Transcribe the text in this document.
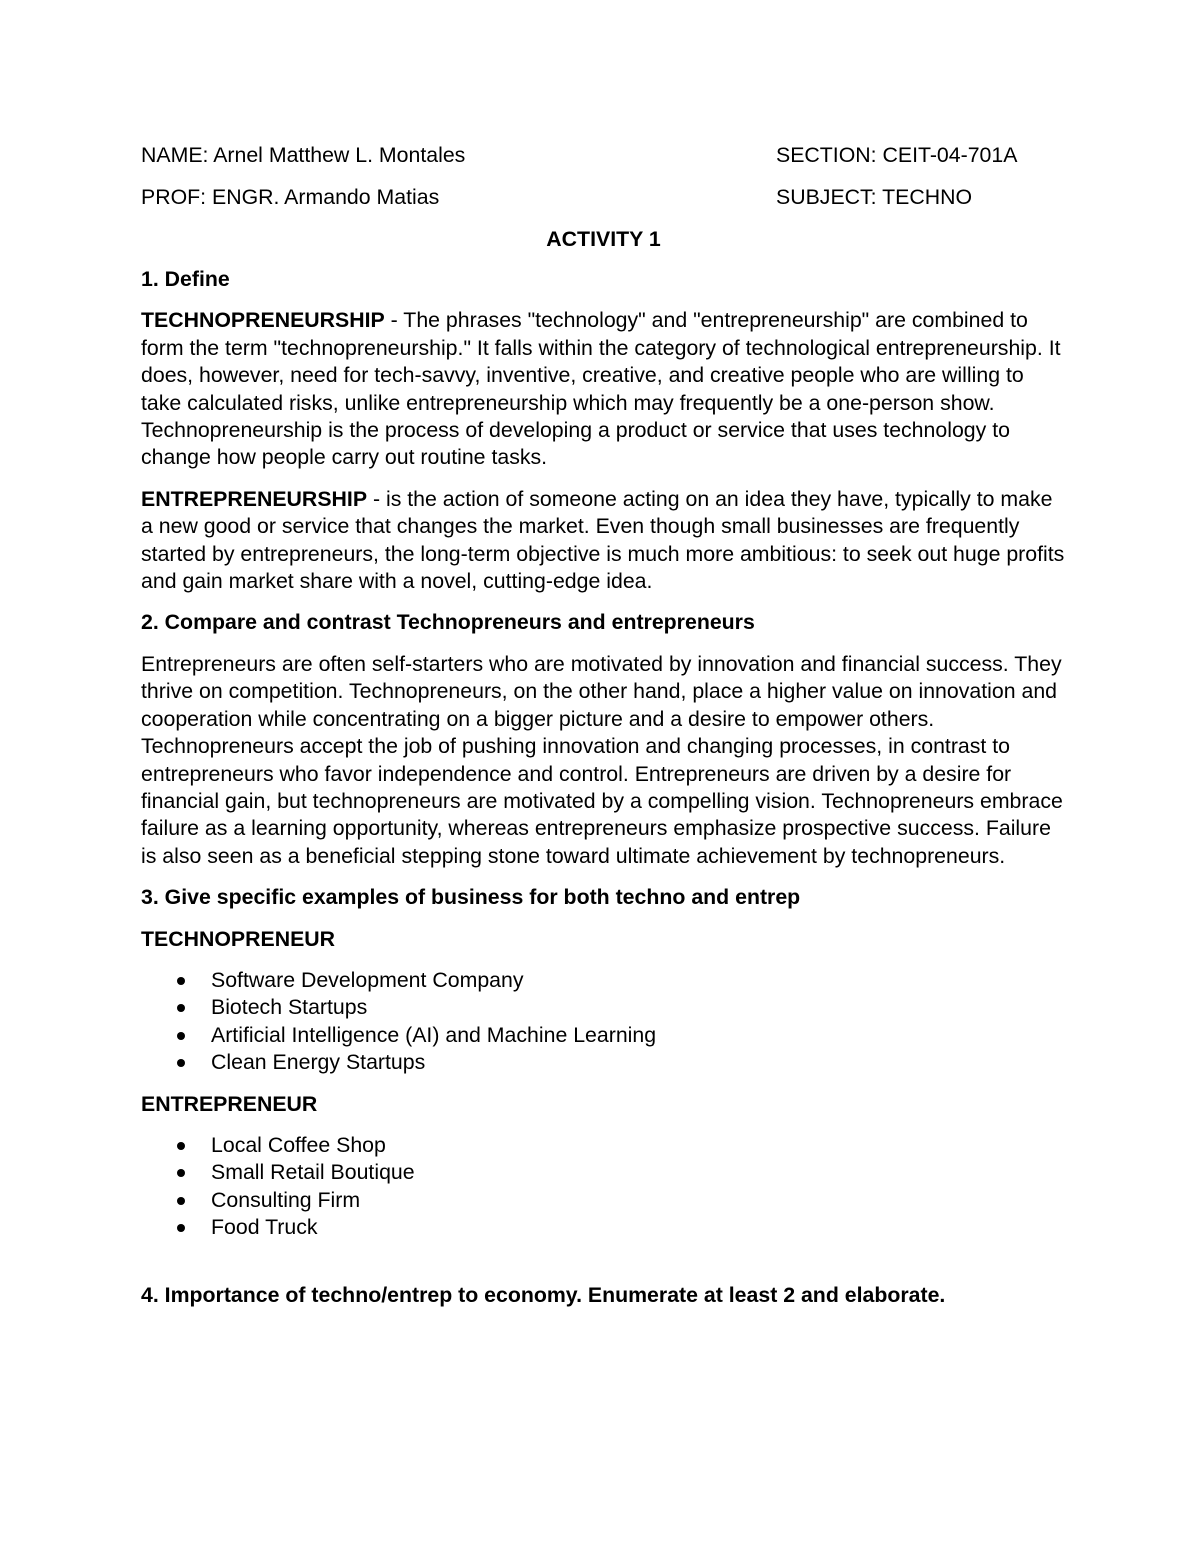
NAME: Arnel Matthew L. Montales	SECTION: CEIT-04-701A
PROF: ENGR. Armando Matias	SUBJECT: TECHNO
ACTIVITY 1
1. Define

TECHNOPRENEURSHIP - The phrases "technology" and "entrepreneurship" are combined to form the term "technopreneurship." It falls within the category of technological entrepreneurship. It does, however, need for tech-savvy, inventive, creative, and creative people who are willing to take calculated risks, unlike entrepreneurship which may frequently be a one-person show. Technopreneurship is the process of developing a product or service that uses technology to change how people carry out routine tasks.

ENTREPRENEURSHIP - is the action of someone acting on an idea they have, typically to make a new good or service that changes the market. Even though small businesses are frequently started by entrepreneurs, the long-term objective is much more ambitious: to seek out huge profits and gain market share with a novel, cutting-edge idea.

2. Compare and contrast Technopreneurs and entrepreneurs

Entrepreneurs are often self-starters who are motivated by innovation and financial success. They thrive on competition. Technopreneurs, on the other hand, place a higher value on innovation and cooperation while concentrating on a bigger picture and a desire to empower others. Technopreneurs accept the job of pushing innovation and changing processes, in contrast to entrepreneurs who favor independence and control. Entrepreneurs are driven by a desire for financial gain, but technopreneurs are motivated by a compelling vision. Technopreneurs embrace failure as a learning opportunity, whereas entrepreneurs emphasize prospective success. Failure is also seen as a beneficial stepping stone toward ultimate achievement by technopreneurs.

3. Give specific examples of business for both techno and entrep
TECHNOPRENEUR
Software Development Company
Biotech Startups
Artificial Intelligence (AI) and Machine Learning
Clean Energy Startups
ENTREPRENEUR
Local Coffee Shop
Small Retail Boutique
Consulting Firm
Food Truck
4. Importance of techno/entrep to economy. Enumerate at least 2 and elaborate.
